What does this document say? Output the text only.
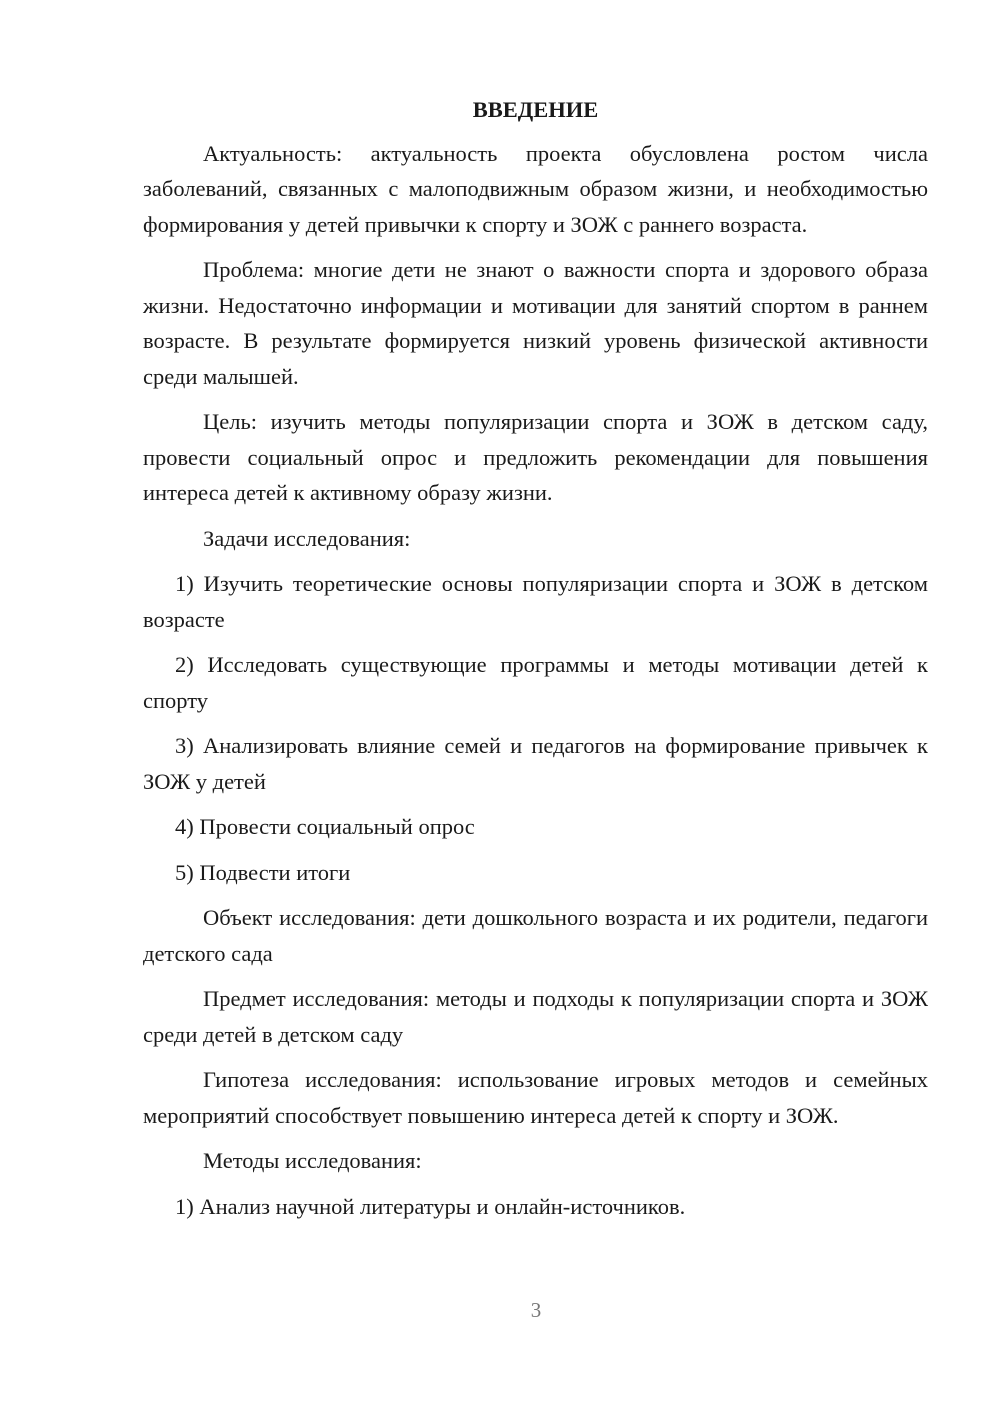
ВВЕДЕНИЕ

Актуальность: актуальность проекта обусловлена ростом числа заболеваний, связанных с малоподвижным образом жизни, и необходимостью формирования у детей привычки к спорту и ЗОЖ с раннего возраста.

Проблема: многие дети не знают о важности спорта и здорового образа жизни. Недостаточно информации и мотивации для занятий спортом в раннем возрасте. В результате формируется низкий уровень физической активности среди малышей.

Цель: изучить методы популяризации спорта и ЗОЖ в детском саду, провести социальный опрос и предложить рекомендации для повышения интереса детей к активному образу жизни.

Задачи исследования:

1) Изучить теоретические основы популяризации спорта и ЗОЖ в детском возрасте

2) Исследовать существующие программы и методы мотивации детей к спорту

3) Анализировать влияние семей и педагогов на формирование привычек к ЗОЖ у детей

4) Провести социальный опрос

5) Подвести итоги

Объект исследования: дети дошкольного возраста и их родители, педагоги детского сада

Предмет исследования: методы и подходы к популяризации спорта и ЗОЖ среди детей в детском саду

Гипотеза исследования: использование игровых методов и семейных мероприятий способствует повышению интереса детей к спорту и ЗОЖ.

Методы исследования:

1) Анализ научной литературы и онлайн-источников.

3
